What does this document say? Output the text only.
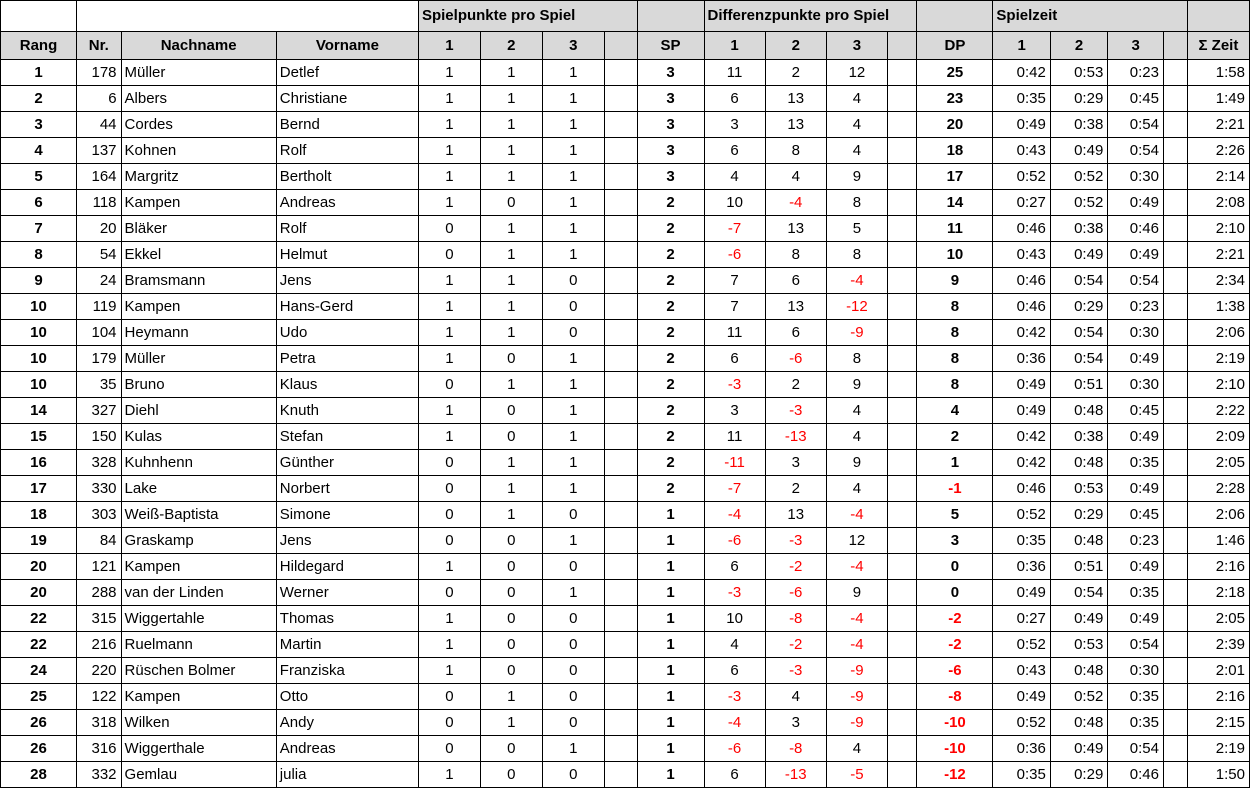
				Spielpunkte pro Spiel					Differenzpunkte pro Spiel					Spielzeit				
Rang	Nr.	Nachname	Vorname	1	2	3		SP	1	2	3		DP	1	2	3		Σ Zeit
1	178	Müller	Detlef	1	1	1		3	11	2	12		25	0:42	0:53	0:23		1:58
2	6	Albers	Christiane	1	1	1		3	6	13	4		23	0:35	0:29	0:45		1:49
3	44	Cordes	Bernd	1	1	1		3	3	13	4		20	0:49	0:38	0:54		2:21
4	137	Kohnen	Rolf	1	1	1		3	6	8	4		18	0:43	0:49	0:54		2:26
5	164	Margritz	Bertholt	1	1	1		3	4	4	9		17	0:52	0:52	0:30		2:14
6	118	Kampen	Andreas	1	0	1		2	10	-4	8		14	0:27	0:52	0:49		2:08
7	20	Bläker	Rolf	0	1	1		2	-7	13	5		11	0:46	0:38	0:46		2:10
8	54	Ekkel	Helmut	0	1	1		2	-6	8	8		10	0:43	0:49	0:49		2:21
9	24	Bramsmann	Jens	1	1	0		2	7	6	-4		9	0:46	0:54	0:54		2:34
10	119	Kampen	Hans-Gerd	1	1	0		2	7	13	-12		8	0:46	0:29	0:23		1:38
10	104	Heymann	Udo	1	1	0		2	11	6	-9		8	0:42	0:54	0:30		2:06
10	179	Müller	Petra	1	0	1		2	6	-6	8		8	0:36	0:54	0:49		2:19
10	35	Bruno	Klaus	0	1	1		2	-3	2	9		8	0:49	0:51	0:30		2:10
14	327	Diehl	Knuth	1	0	1		2	3	-3	4		4	0:49	0:48	0:45		2:22
15	150	Kulas	Stefan	1	0	1		2	11	-13	4		2	0:42	0:38	0:49		2:09
16	328	Kuhnhenn	Günther	0	1	1		2	-11	3	9		1	0:42	0:48	0:35		2:05
17	330	Lake	Norbert	0	1	1		2	-7	2	4		-1	0:46	0:53	0:49		2:28
18	303	Weiß-Baptista	Simone	0	1	0		1	-4	13	-4		5	0:52	0:29	0:45		2:06
19	84	Graskamp	Jens	0	0	1		1	-6	-3	12		3	0:35	0:48	0:23		1:46
20	121	Kampen	Hildegard	1	0	0		1	6	-2	-4		0	0:36	0:51	0:49		2:16
20	288	van der Linden	Werner	0	0	1		1	-3	-6	9		0	0:49	0:54	0:35		2:18
22	315	Wiggertahle	Thomas	1	0	0		1	10	-8	-4		-2	0:27	0:49	0:49		2:05
22	216	Ruelmann	Martin	1	0	0		1	4	-2	-4		-2	0:52	0:53	0:54		2:39
24	220	Rüschen Bolmer	Franziska	1	0	0		1	6	-3	-9		-6	0:43	0:48	0:30		2:01
25	122	Kampen	Otto	0	1	0		1	-3	4	-9		-8	0:49	0:52	0:35		2:16
26	318	Wilken	Andy	0	1	0		1	-4	3	-9		-10	0:52	0:48	0:35		2:15
26	316	Wiggerthale	Andreas	0	0	1		1	-6	-8	4		-10	0:36	0:49	0:54		2:19
28	332	Gemlau	julia	1	0	0		1	6	-13	-5		-12	0:35	0:29	0:46		1:50
